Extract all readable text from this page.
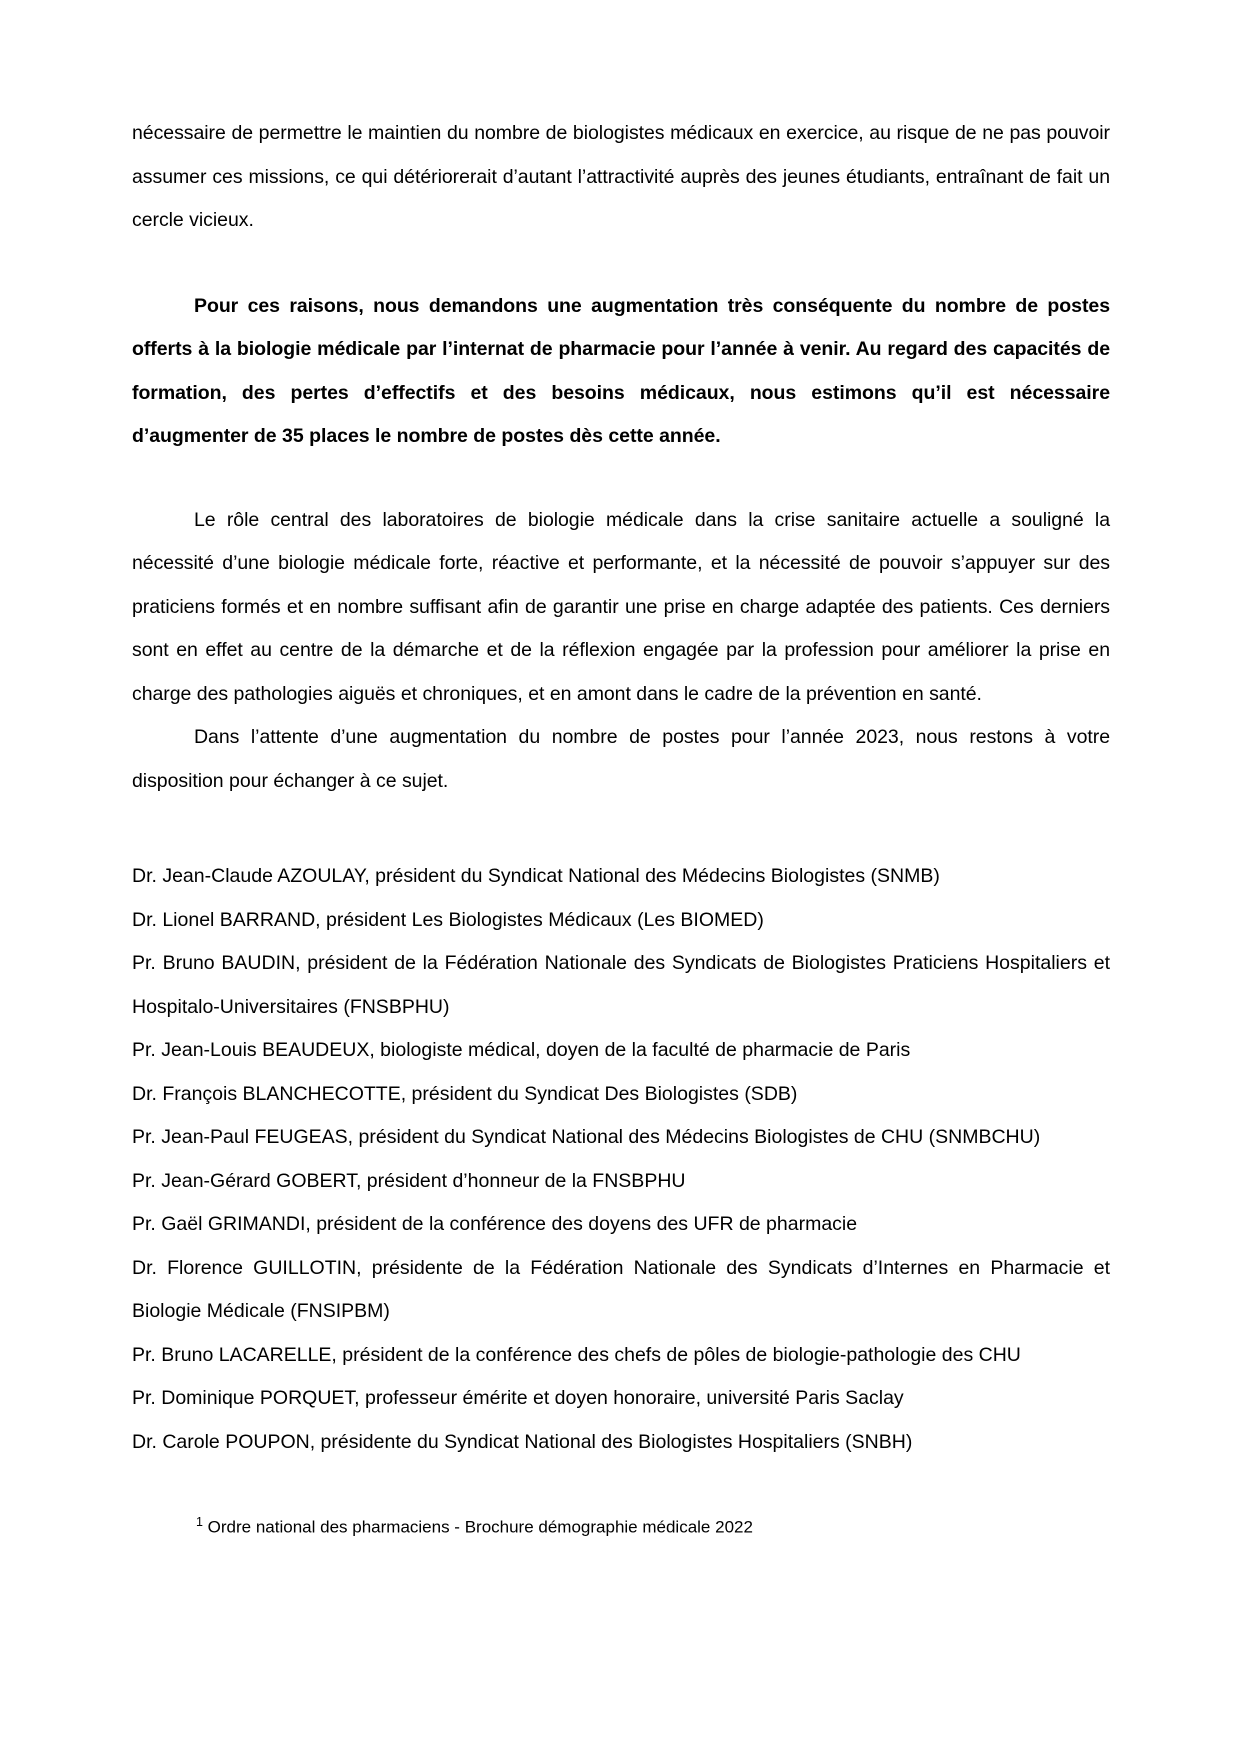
nécessaire de permettre le maintien du nombre de biologistes médicaux en exercice, au risque de ne pas pouvoir assumer ces missions, ce qui détériorerait d’autant l’attractivité auprès des jeunes étudiants, entraînant de fait un cercle vicieux.

Pour ces raisons, nous demandons une augmentation très conséquente du nombre de postes offerts à la biologie médicale par l’internat de pharmacie pour l’année à venir. Au regard des capacités de formation, des pertes d’effectifs et des besoins médicaux, nous estimons qu’il est nécessaire d’augmenter de 35 places le nombre de postes dès cette année.

Le rôle central des laboratoires de biologie médicale dans la crise sanitaire actuelle a souligné la nécessité d’une biologie médicale forte, réactive et performante, et la nécessité de pouvoir s’appuyer sur des praticiens formés et en nombre suffisant afin de garantir une prise en charge adaptée des patients. Ces derniers sont en effet au centre de la démarche et de la réflexion engagée par la profession pour améliorer la prise en charge des pathologies aiguës et chroniques, et en amont dans le cadre de la prévention en santé.

Dans l’attente d’une augmentation du nombre de postes pour l’année 2023, nous restons à votre disposition pour échanger à ce sujet.

Dr. Jean-Claude AZOULAY, président du Syndicat National des Médecins Biologistes (SNMB)

Dr. Lionel BARRAND, président Les Biologistes Médicaux (Les BIOMED)

Pr. Bruno BAUDIN, président de la Fédération Nationale des Syndicats de Biologistes Praticiens Hospitaliers et Hospitalo-Universitaires (FNSBPHU)

Pr. Jean-Louis BEAUDEUX, biologiste médical, doyen de la faculté de pharmacie de Paris

Dr. François BLANCHECOTTE, président du Syndicat Des Biologistes (SDB)

Pr. Jean-Paul FEUGEAS, président du Syndicat National des Médecins Biologistes de CHU (SNMBCHU)

Pr. Jean-Gérard GOBERT, président d’honneur de la FNSBPHU

Pr. Gaël GRIMANDI, président de la conférence des doyens des UFR de pharmacie

Dr. Florence GUILLOTIN, présidente de la Fédération Nationale des Syndicats d’Internes en Pharmacie et Biologie Médicale (FNSIPBM)

Pr. Bruno LACARELLE, président de la conférence des chefs de pôles de biologie-pathologie des CHU

Pr. Dominique PORQUET, professeur émérite et doyen honoraire, université Paris Saclay

Dr. Carole POUPON, présidente du Syndicat National des Biologistes Hospitaliers (SNBH)

$^1$ Ordre national des pharmaciens - Brochure démographie médicale 2022
